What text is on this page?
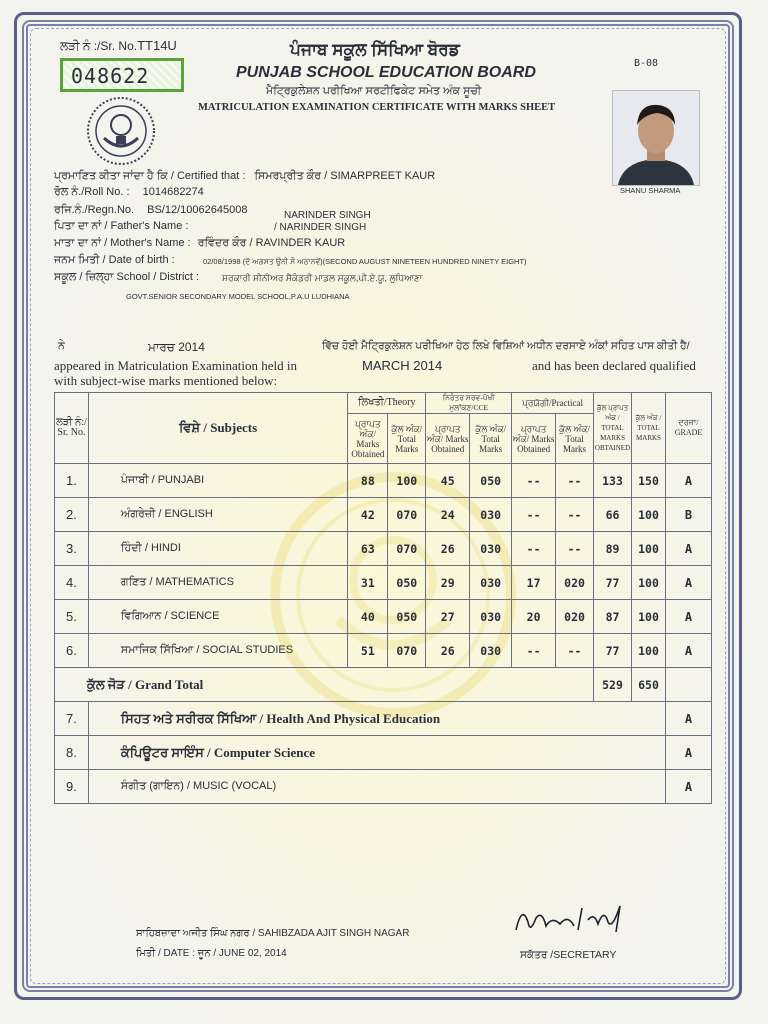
ਲੜੀ ਨੰ :/Sr. No.TT14U
048622
ਪੰਜਾਬ ਸਕੂਲ ਸਿੱਖਿਆ ਬੋਰਡ
PUNJAB SCHOOL EDUCATION BOARD
ਮੈਟ੍ਰਿਕੁਲੇਸ਼ਨ ਪਰੀਖਿਆ ਸਰਟੀਫਿਕੇਟ ਸਮੇਤ ਅੰਕ ਸੂਚੀ
MATRICULATION EXAMINATION CERTIFICATE WITH MARKS SHEET
B-08
SHANU SHARMA
ਪ੍ਰਮਾਣਿਤ ਕੀਤਾ ਜਾਂਦਾ ਹੈ ਕਿ / Certified that : ਸਿਮਰਪ੍ਰੀਤ ਕੌਰ / SIMARPREET KAUR
ਰੋਲ ਨੰ./Roll No. : 1014682274
ਰਜਿ.ਨੰ./Regn.No. BS/12/10062645008	NARINDER SINGH
ਪਿਤਾ ਦਾ ਨਾਂ / Father's Name :	/ NARINDER SINGH
ਮਾਤਾ ਦਾ ਨਾਂ / Mother's Name : ਰਵਿੰਦਰ ਕੌਰ / RAVINDER KAUR
ਜਨਮ ਮਿਤੀ / Date of birth :	02/08/1998 (ਦੋ ਅਗਸਤ ਉਨੀ ਸੌ ਅਠਾਨਵੇਂ)(SECOND AUGUST NINETEEN HUNDRED NINETY EIGHT)
ਸਕੂਲ / ਜ਼ਿਲ੍ਹਾ School / District :	ਸਰਕਾਰੀ ਸੀਨੀਅਰ ਸੈਕੰਡਰੀ ਮਾਡਲ ਸਕੂਲ,ਪੀ.ਏ.ਯੂ, ਲੁਧਿਆਣਾ
GOVT.SENIOR SECONDARY MODEL SCHOOL,P.A.U LUDHIANA
ਨੇ	ਮਾਰਚ 2014	ਵਿੱਚ ਹੋਈ ਮੈਟ੍ਰਿਕੁਲੇਸ਼ਨ ਪਰੀਖਿਆ ਹੇਠ ਲਿਖੇ ਵਿਸ਼ਿਆਂ ਅਧੀਨ ਦਰਸਾਏ ਅੰਕਾਂ ਸਹਿਤ ਪਾਸ ਕੀਤੀ ਹੈ/
appeared in Matriculation Examination held in	MARCH 2014	and has been declared qualified
with subject-wise marks mentioned below:
ਲੜੀ ਨੰ:/ Sr. No.	ਵਿਸ਼ੇ / Subjects	ਲਿਖਤੀ/Theory		ਨਿਰੰਤਰ ਸਰਵ-ਪੱਖੀ ਮੁਲਾਂਕਣ/CCE		ਪ੍ਰਯੋਗੀ/Practical		ਕੁੱਲ ਪ੍ਰਾਪਤ ਅੰਕ / TOTAL MARKS OBTAINED	ਕੁੱਲ ਅੰਕ / TOTAL MARKS	ਦਰਜਾ/ GRADE
		ਪ੍ਰਾਪਤ ਅੰਕ/ Marks Obtained	ਕੁੱਲ ਅੰਕ/ Total Marks	ਪ੍ਰਾਪਤ ਅੰਕ/ Marks Obtained	ਕੁੱਲ ਅੰਕ/ Total Marks	ਪ੍ਰਾਪਤ ਅੰਕ/ Marks Obtained	ਕੁੱਲ ਅੰਕ/ Total Marks			
1.	ਪੰਜਾਬੀ / PUNJABI	88	100	45	050	--	--	133	150	A
2.	ਅੰਗਰੇਜ਼ੀ / ENGLISH	42	070	24	030	--	--	66	100	B
3.	ਹਿੰਦੀ / HINDI	63	070	26	030	--	--	89	100	A
4.	ਗਣਿਤ / MATHEMATICS	31	050	29	030	17	020	77	100	A
5.	ਵਿਗਿਆਨ / SCIENCE	40	050	27	030	20	020	87	100	A
6.	ਸਮਾਜਿਕ ਸਿੱਖਿਆ / SOCIAL STUDIES	51	070	26	030	--	--	77	100	A
ਕੁੱਲ ਜੋੜ / Grand Total								529	650	
7.	ਸਿਹਤ ਅਤੇ ਸਰੀਰਕ ਸਿੱਖਿਆ / Health And Physical Education									A
8.	ਕੰਪਿਊਟਰ ਸਾਇੰਸ / Computer Science									A
9.	ਸੰਗੀਤ (ਗਾਇਨ) / MUSIC (VOCAL)									A
ਸਾਹਿਬਜ਼ਾਦਾ ਅਜੀਤ ਸਿੰਘ ਨਗਰ / SAHIBZADA AJIT SINGH NAGAR
ਮਿਤੀ / DATE : ਜੂਨ / JUNE 02, 2014	ਸਕੱਤਰ /SECRETARY
